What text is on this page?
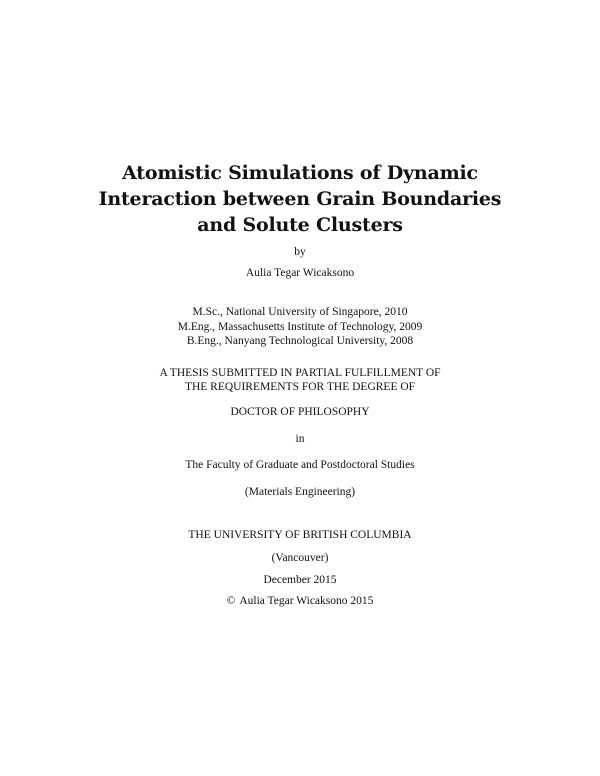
Atomistic Simulations of Dynamic
Interaction between Grain Boundaries
and Solute Clusters
by
Aulia Tegar Wicaksono
M.Sc., National University of Singapore, 2010
M.Eng., Massachusetts Institute of Technology, 2009
B.Eng., Nanyang Technological University, 2008
A THESIS SUBMITTED IN PARTIAL FULFILLMENT OF
THE REQUIREMENTS FOR THE DEGREE OF
DOCTOR OF PHILOSOPHY
in
The Faculty of Graduate and Postdoctoral Studies
(Materials Engineering)
THE UNIVERSITY OF BRITISH COLUMBIA
(Vancouver)
December 2015
© Aulia Tegar Wicaksono 2015
